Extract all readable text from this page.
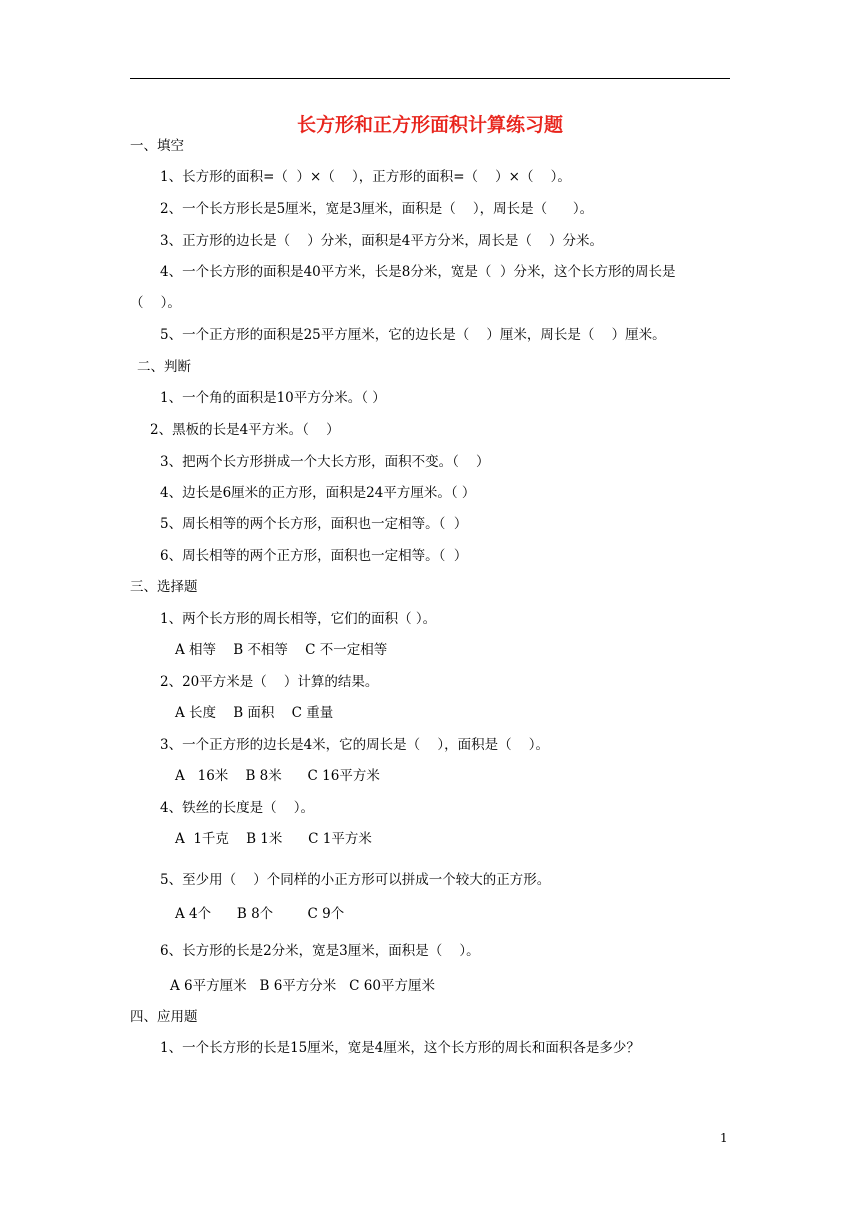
长方形和正方形面积计算练习题
一、填空
1、长方形的面积=（  ）×（    ），正方形的面积=（    ）×（    ）。
2、一个长方形长是5厘米，宽是3厘米，面积是（    ），周长是（      ）。
3、正方形的边长是（    ）分米，面积是4平方分米，周长是（    ）分米。
4、一个长方形的面积是40平方米，长是8分米，宽是（  ）分米，这个长方形的周长是
（    ）。
5、一个正方形的面积是25平方厘米，它的边长是（    ）厘米，周长是（    ）厘米。
二、判断
1、一个角的面积是10平方分米。（ ）
2、黑板的长是4平方米。（    ）
3、把两个长方形拼成一个大长方形，面积不变。（    ）
4、边长是6厘米的正方形，面积是24平方厘米。（ ）
5、周长相等的两个长方形，面积也一定相等。（  ）
6、周长相等的两个正方形，面积也一定相等。（  ）
三、选择题
1、两个长方形的周长相等，它们的面积（ ）。
A 相等    B 不相等    C 不一定相等
2、20平方米是（    ）计算的结果。
A 长度    B 面积    C 重量
3、一个正方形的边长是4米，它的周长是（    ），面积是（    ）。
A   16米    B 8米      C 16平方米
4、铁丝的长度是（    ）。
A  1千克    B 1米      C 1平方米
5、至少用（    ）个同样的小正方形可以拼成一个较大的正方形。
A 4个      B 8个        C 9个
6、长方形的长是2分米，宽是3厘米，面积是（    ）。
A 6平方厘米   B 6平方分米   C 60平方厘米
四、应用题
1、一个长方形的长是15厘米，宽是4厘米，这个长方形的周长和面积各是多少？
1
